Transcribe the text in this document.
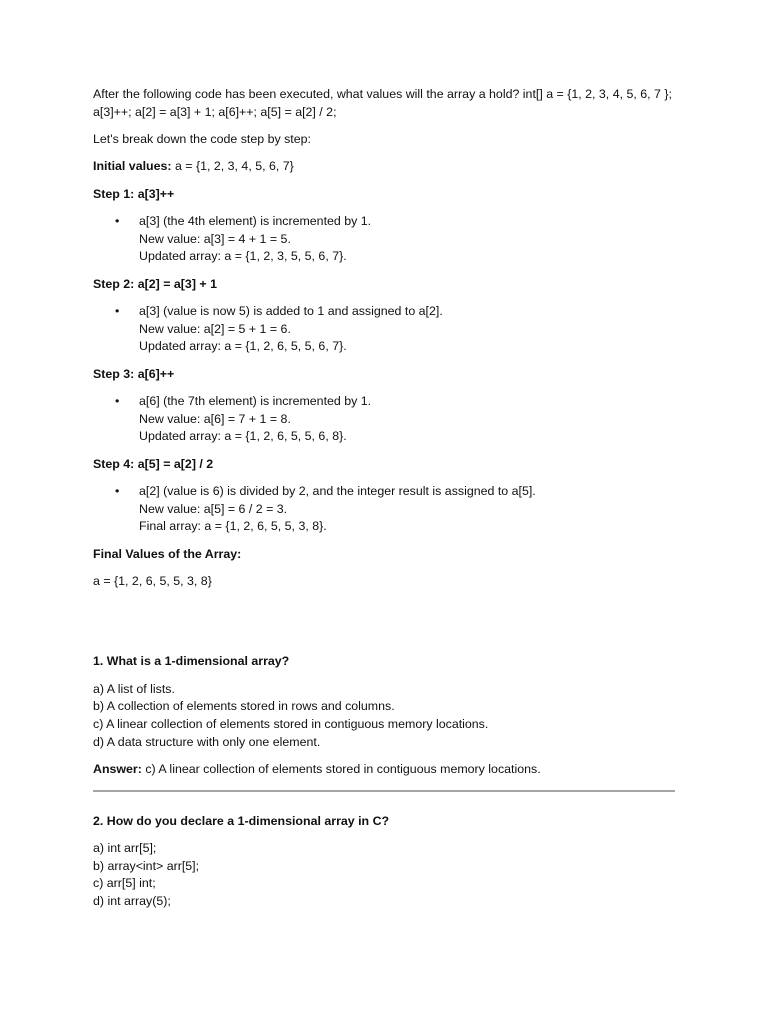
After the following code has been executed, what values will the array a hold? int[] a = {1, 2, 3, 4, 5, 6, 7 }; a[3]++; a[2] = a[3] + 1; a[6]++; a[5] = a[2] / 2;

Let's break down the code step by step:

Initial values: a = {1, 2, 3, 4, 5, 6, 7}

Step 1: a[3]++

• a[3] (the 4th element) is incremented by 1.
New value: a[3] = 4 + 1 = 5.
Updated array: a = {1, 2, 3, 5, 5, 6, 7}.

Step 2: a[2] = a[3] + 1

• a[3] (value is now 5) is added to 1 and assigned to a[2].
New value: a[2] = 5 + 1 = 6.
Updated array: a = {1, 2, 6, 5, 5, 6, 7}.

Step 3: a[6]++

• a[6] (the 7th element) is incremented by 1.
New value: a[6] = 7 + 1 = 8.
Updated array: a = {1, 2, 6, 5, 5, 6, 8}.

Step 4: a[5] = a[2] / 2

• a[2] (value is 6) is divided by 2, and the integer result is assigned to a[5].
New value: a[5] = 6 / 2 = 3.
Final array: a = {1, 2, 6, 5, 5, 3, 8}.

Final Values of the Array:

a = {1, 2, 6, 5, 5, 3, 8}

1. What is a 1-dimensional array?

a) A list of lists.
b) A collection of elements stored in rows and columns.
c) A linear collection of elements stored in contiguous memory locations.
d) A data structure with only one element.

Answer: c) A linear collection of elements stored in contiguous memory locations.

2. How do you declare a 1-dimensional array in C?

a) int arr[5];
b) array<int> arr[5];
c) arr[5] int;
d) int array(5);
